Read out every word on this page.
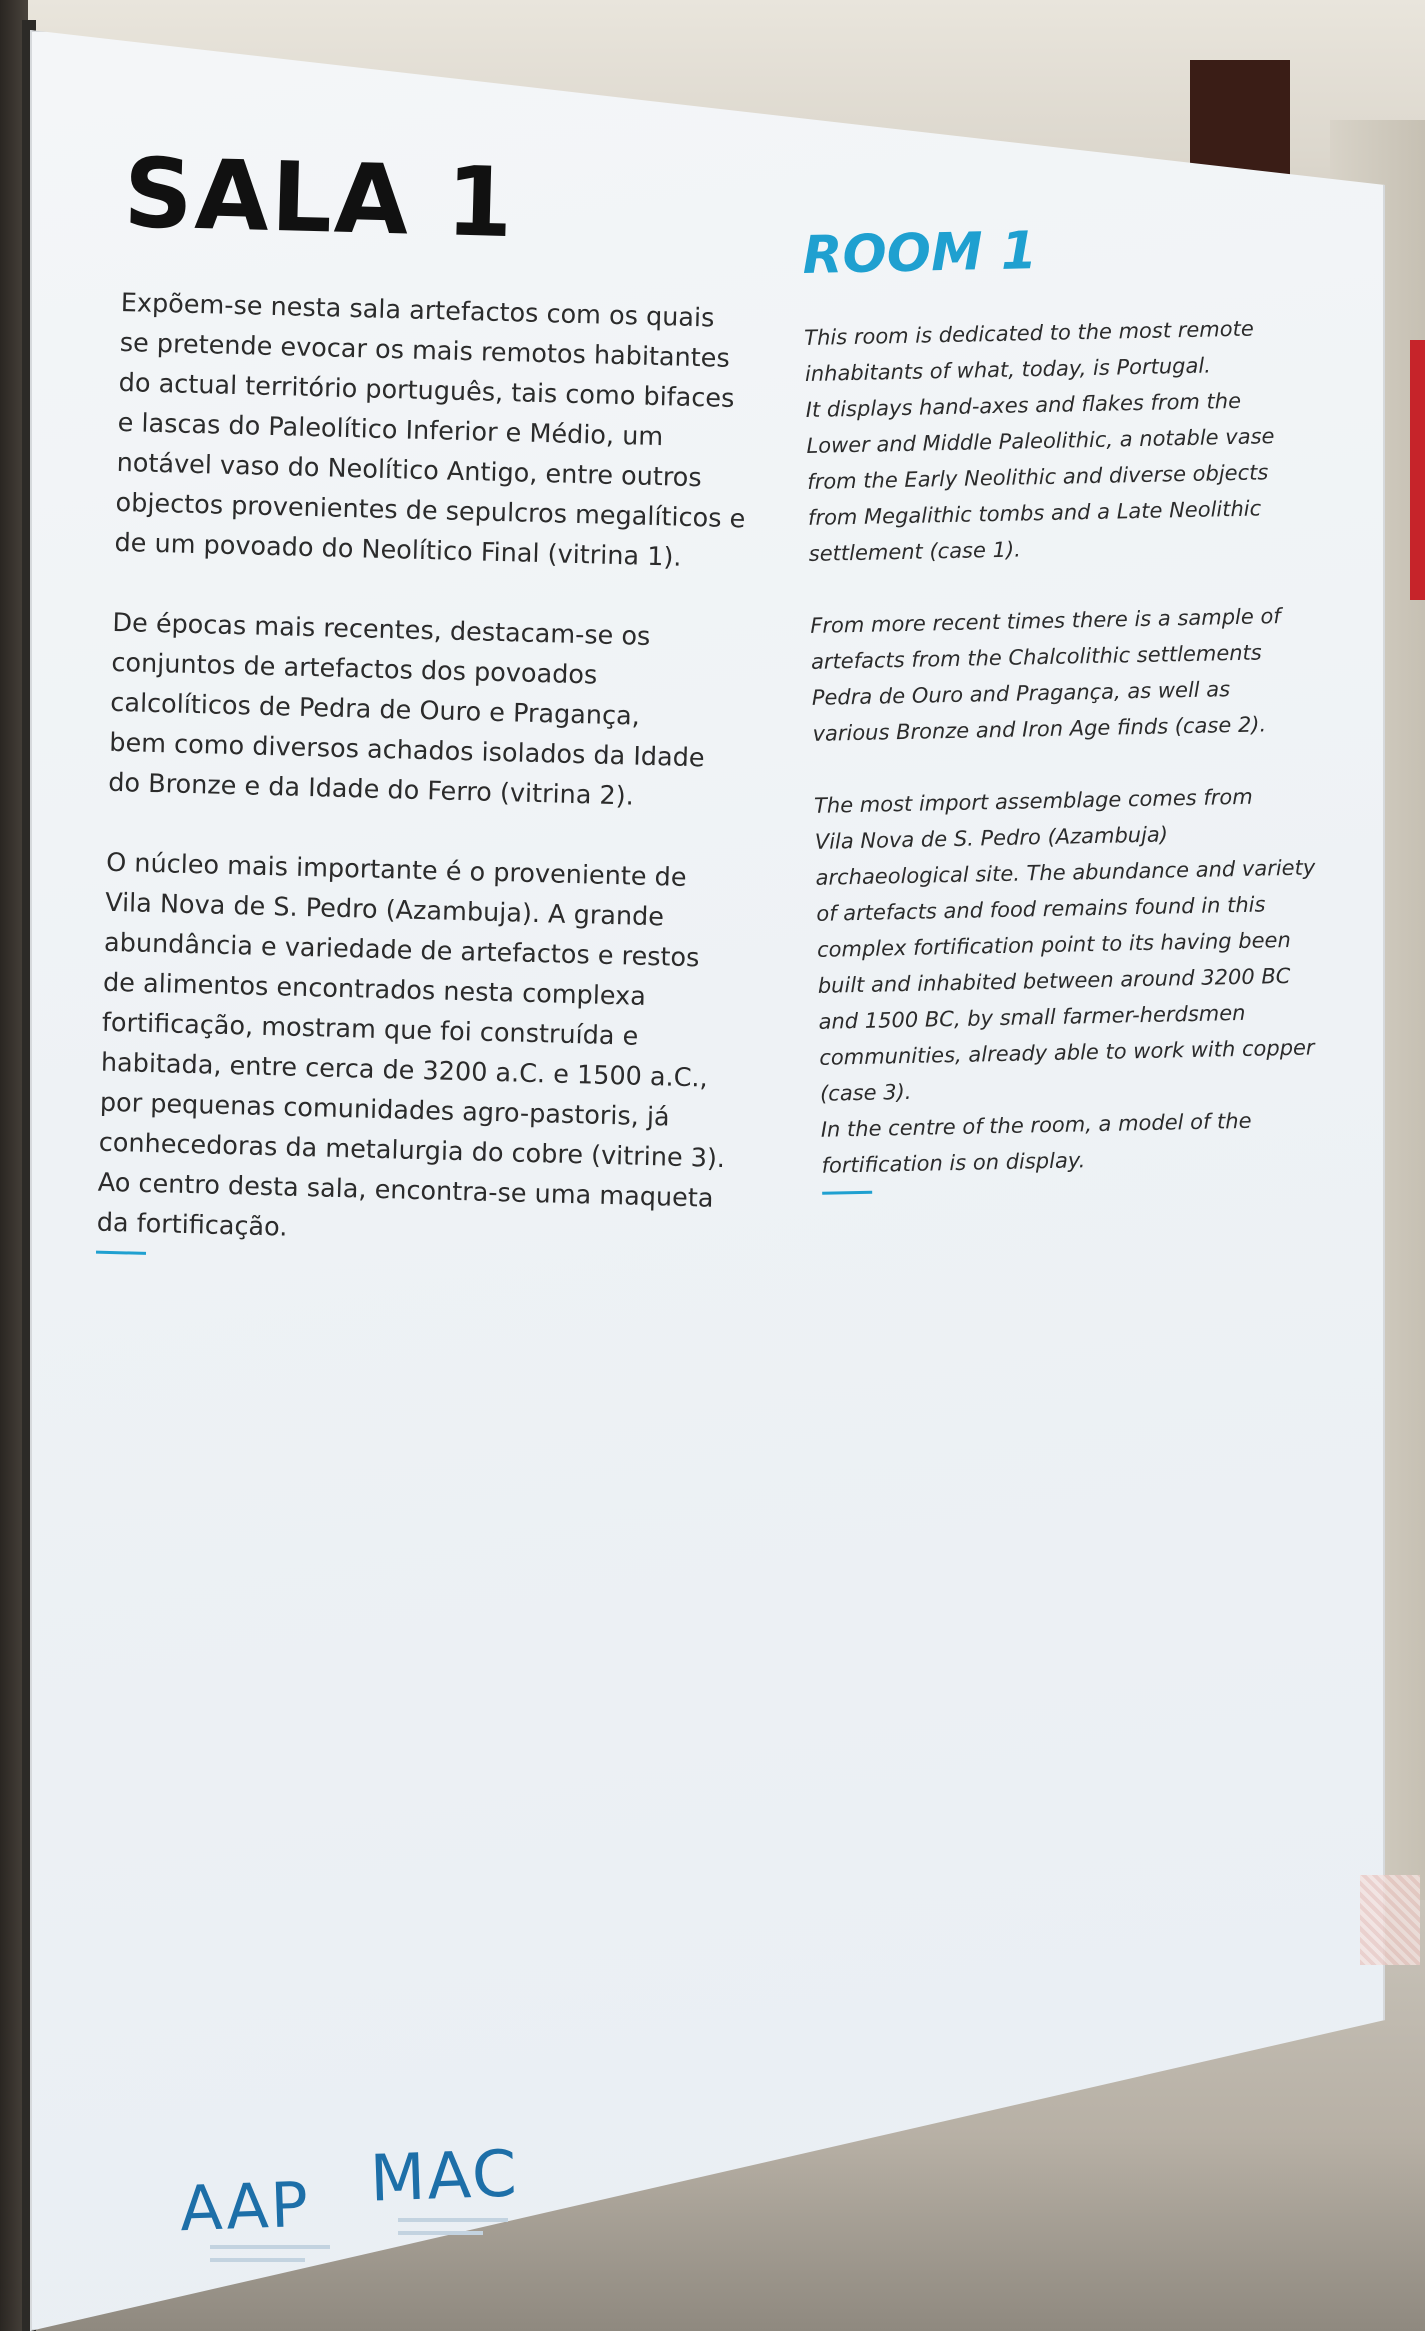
SALA 1
Expõem-se nesta sala artefactos com os quais
se pretende evocar os mais remotos habitantes
do actual território português, tais como bifaces
e lascas do Paleolítico Inferior e Médio, um
notável vaso do Neolítico Antigo, entre outros
objectos provenientes de sepulcros megalíticos e
de um povoado do Neolítico Final (vitrina 1).
De épocas mais recentes, destacam-se os
conjuntos de artefactos dos povoados
calcolíticos de Pedra de Ouro e Pragança,
bem como diversos achados isolados da Idade
do Bronze e da Idade do Ferro (vitrina 2).
O núcleo mais importante é o proveniente de
Vila Nova de S. Pedro (Azambuja). A grande
abundância e variedade de artefactos e restos
de alimentos encontrados nesta complexa
fortificação, mostram que foi construída e
habitada, entre cerca de 3200 a.C. e 1500 a.C.,
por pequenas comunidades agro-pastoris, já
conhecedoras da metalurgia do cobre (vitrine 3).
Ao centro desta sala, encontra-se uma maqueta
da fortificação.
ROOM 1
This room is dedicated to the most remote
inhabitants of what, today, is Portugal.
It displays hand-axes and flakes from the
Lower and Middle Paleolithic, a notable vase
from the Early Neolithic and diverse objects
from Megalithic tombs and a Late Neolithic
settlement (case 1).
From more recent times there is a sample of
artefacts from the Chalcolithic settlements
Pedra de Ouro and Pragança, as well as
various Bronze and Iron Age finds (case 2).
The most import assemblage comes from
Vila Nova de S. Pedro (Azambuja)
archaeological site. The abundance and variety
of artefacts and food remains found in this
complex fortification point to its having been
built and inhabited between around 3200 BC
and 1500 BC, by small farmer-herdsmen
communities, already able to work with copper
(case 3).
In the centre of the room, a model of the
fortification is on display.
AAP MAC
